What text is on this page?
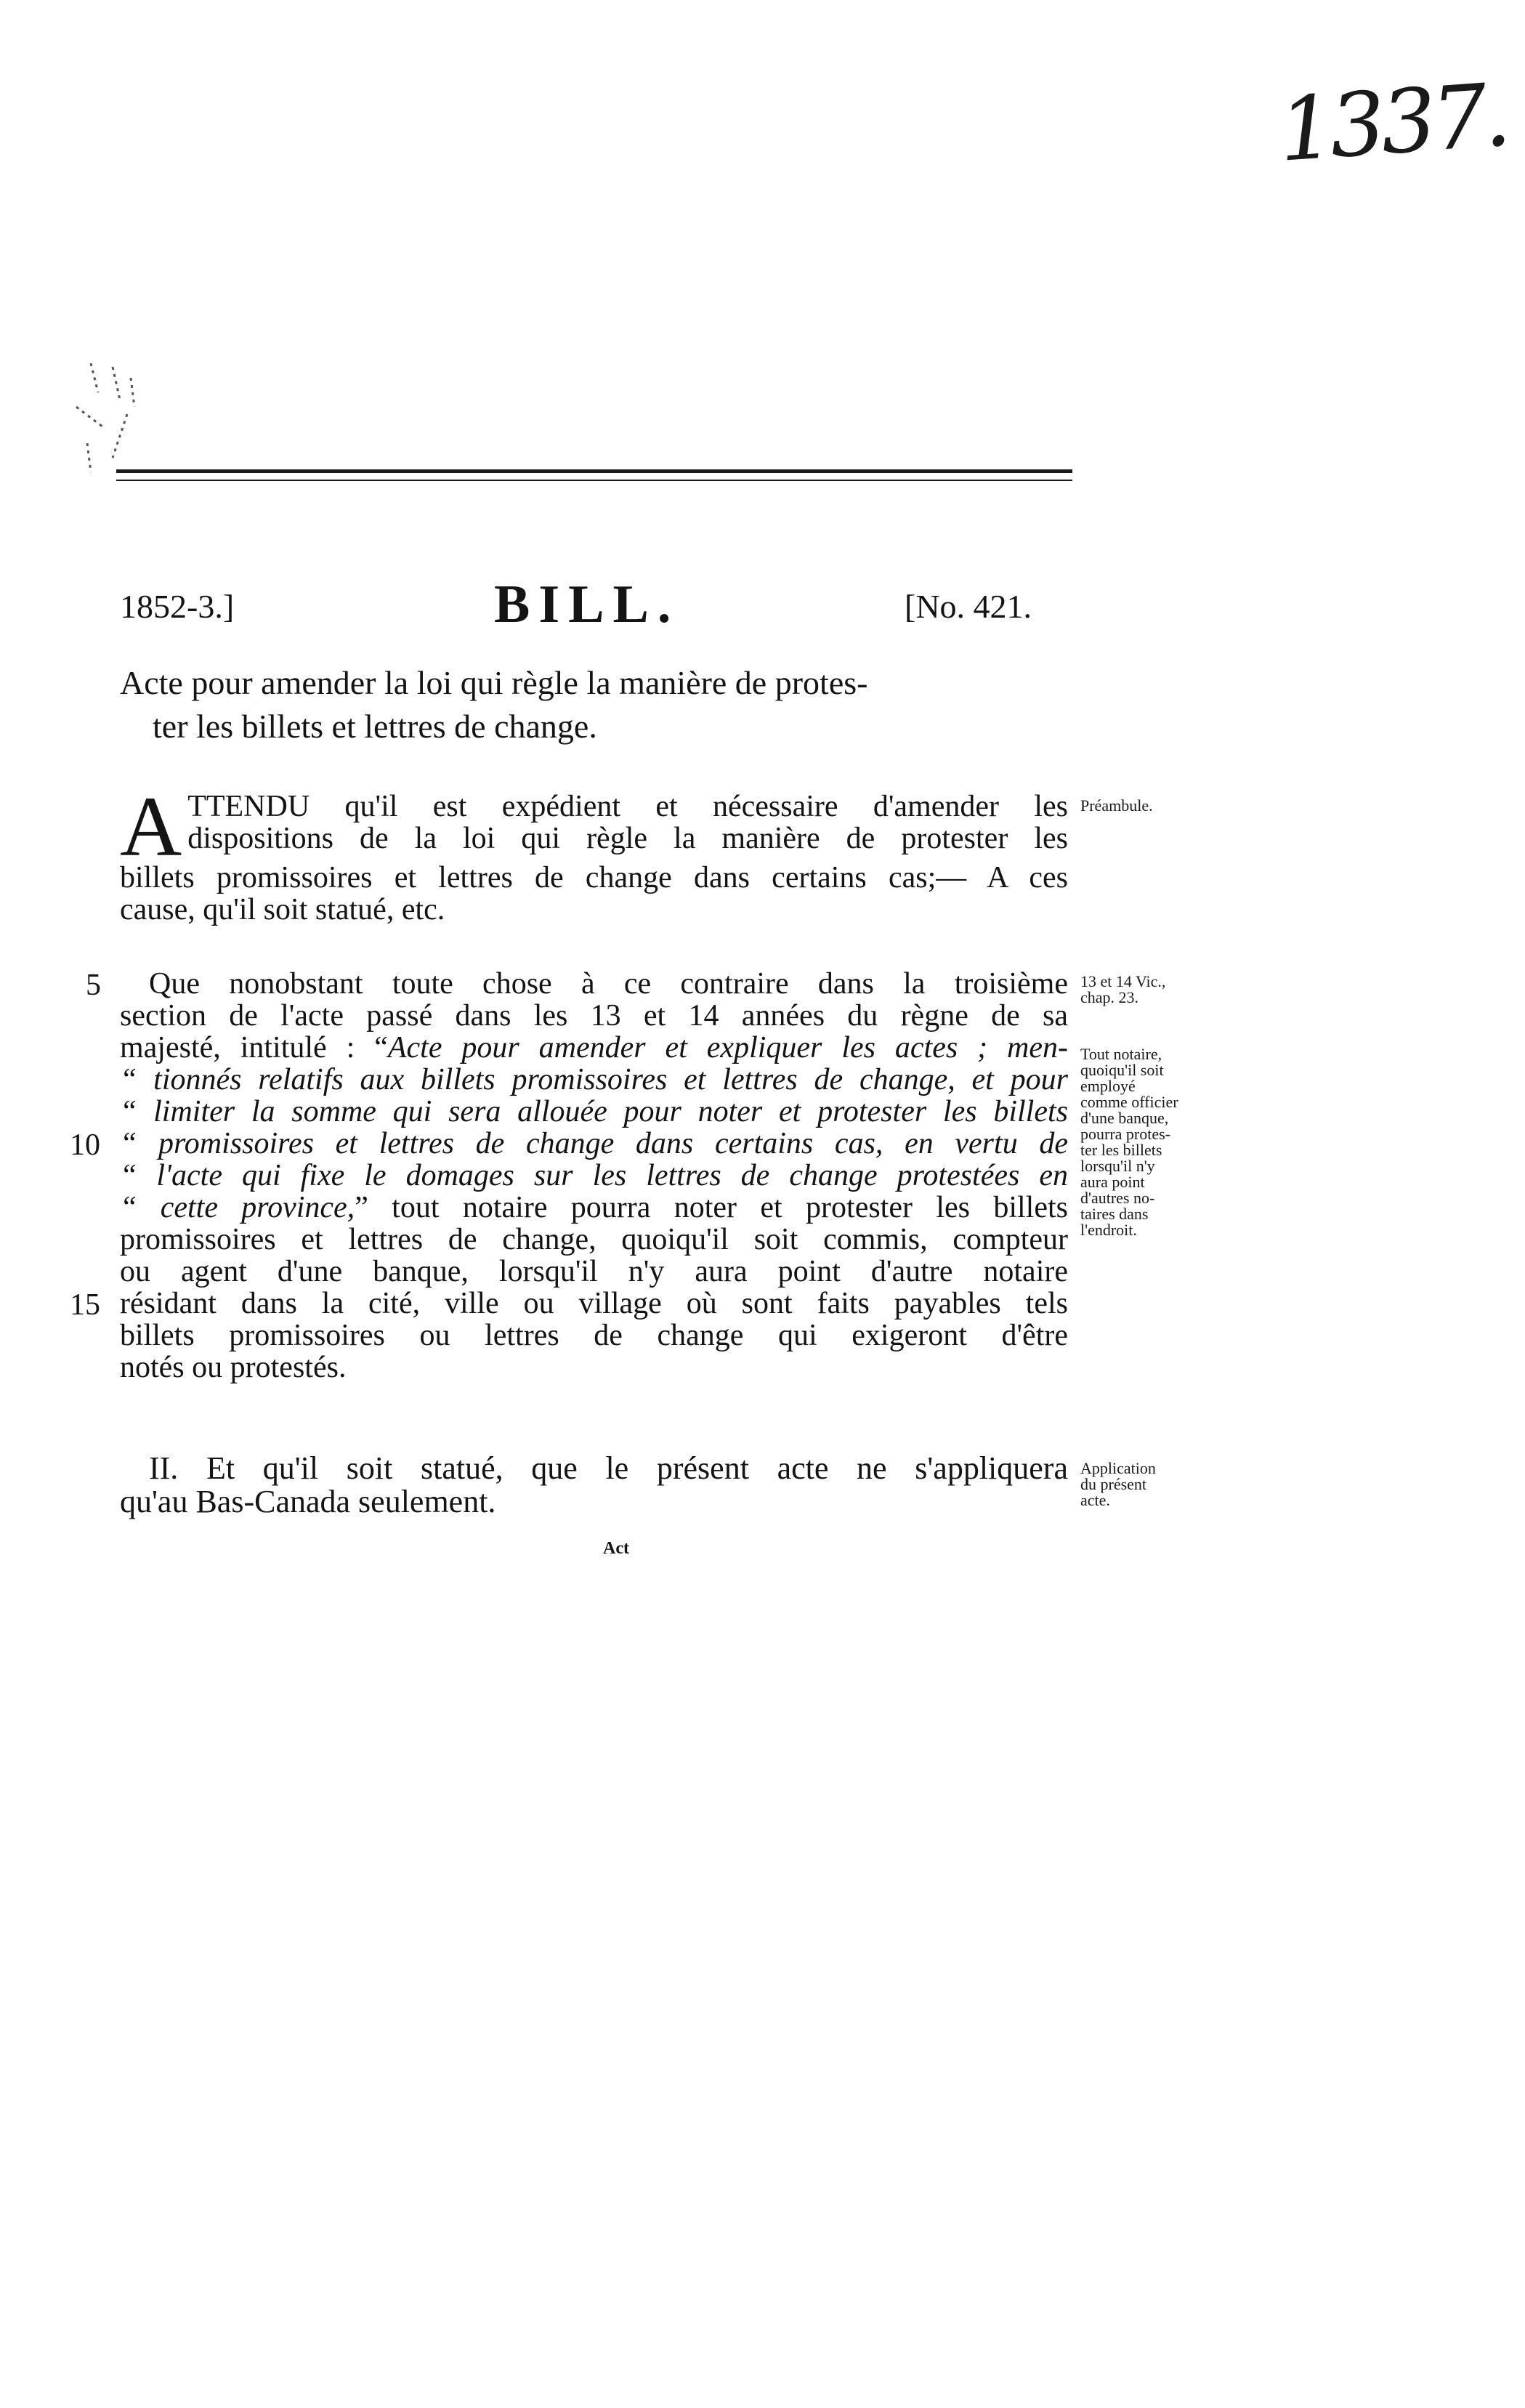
1337.
1852-3.]	BILL.	[No. 421.
Acte pour amender la loi qui règle la manière de protes-
ter les billets et lettres de change.
A TTENDU qu'il est expédient et nécessaire d'amender les
dispositions de la loi qui règle la manière de protester les
billets promissoires et lettres de change dans certains cas;— A ces
cause, qu'il soit statué, etc.
Que nonobstant toute chose à ce contraire dans la troisième
section de l'acte passé dans les 13 et 14 années du règne de sa
majesté, intitulé : “Acte pour amender et expliquer les actes ; men-
“ tionnés relatifs aux billets promissoires et lettres de change, et pour
“ limiter la somme qui sera allouée pour noter et protester les billets
“ promissoires et lettres de change dans certains cas, en vertu de
“ l'acte qui fixe le domages sur les lettres de change protestées en
“ cette province,” tout notaire pourra noter et protester les billets
promissoires et lettres de change, quoiqu'il soit commis, compteur
ou agent d'une banque, lorsqu'il n'y aura point d'autre notaire
résidant dans la cité, ville ou village où sont faits payables tels
billets promissoires ou lettres de change qui exigeront d'être
notés ou protestés.
II. Et qu'il soit statué, que le présent acte ne s'appliquera
qu'au Bas-Canada seulement.
5
10
15
Préambule.
13 et 14 Vic.,
chap. 23.
Tout notaire,
quoiqu'il soit
employé
comme officier
d'une banque,
pourra protes-
ter les billets
lorsqu'il n'y
aura point
d'autres no-
taires dans
l'endroit.
Application
du présent
acte.
Act
